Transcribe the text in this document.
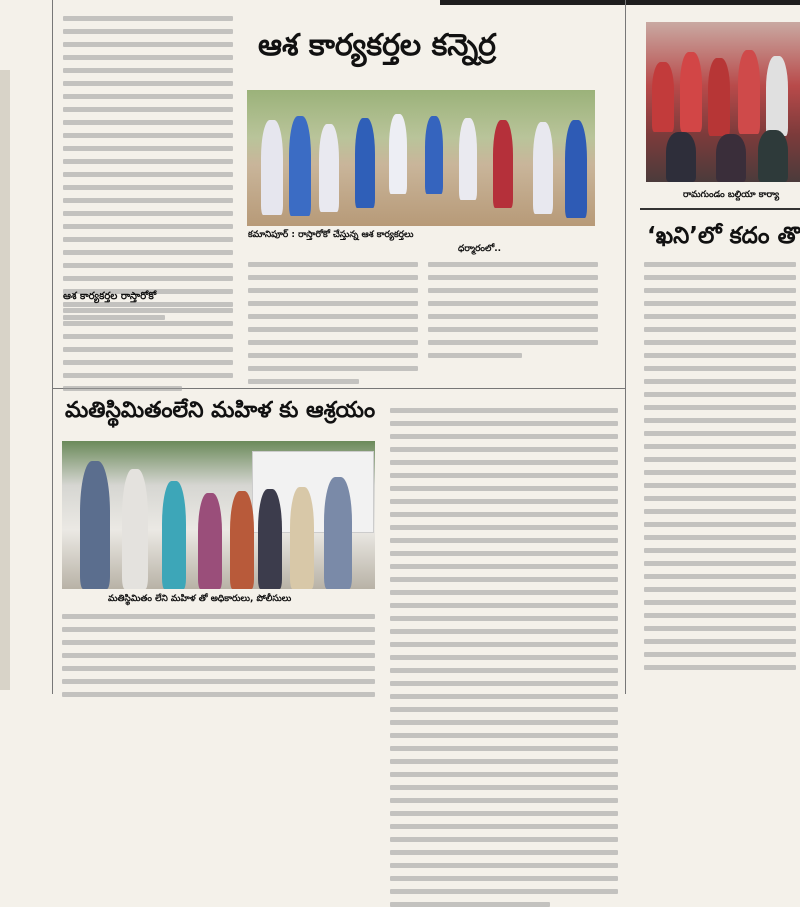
ఆశ కార్యకర్తల కన్నెర్ర
ఆశ కార్యకర్తల రాస్తారోకో
కమానిపూర్ : రాస్తారోకో చేస్తున్న ఆశ కార్యకర్తలు
ధర్మారంలో..
మతిస్థిమితంలేని మహిళ కు ఆశ్రయం
మతిస్థిమితం లేని మహిళ తో అధికారులు, పోలీసులు
రామగుండం బల్దియా కార్యా
‘ఖని’లో కదం తొ
